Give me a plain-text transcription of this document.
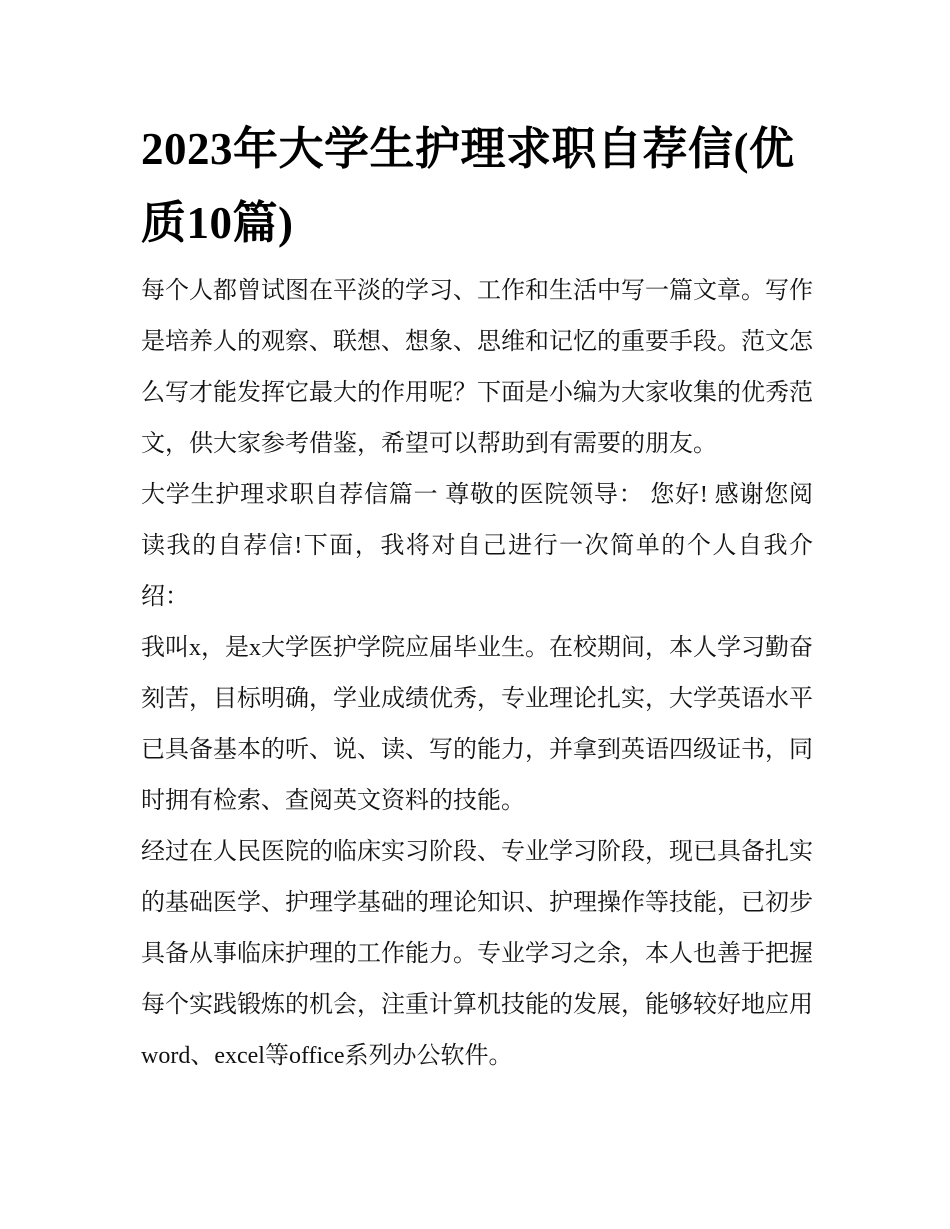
2023年大学生护理求职自荐信(优质10篇)

每个人都曾试图在平淡的学习、工作和生活中写一篇文章。写作是培养人的观察、联想、想象、思维和记忆的重要手段。范文怎么写才能发挥它最大的作用呢？下面是小编为大家收集的优秀范文，供大家参考借鉴，希望可以帮助到有需要的朋友。

大学生护理求职自荐信篇一 尊敬的医院领导： 您好! 感谢您阅读我的自荐信!下面，我将对自己进行一次简单的个人自我介绍：

我叫x，是x大学医护学院应届毕业生。在校期间，本人学习勤奋刻苦，目标明确，学业成绩优秀，专业理论扎实，大学英语水平已具备基本的听、说、读、写的能力，并拿到英语四级证书，同时拥有检索、查阅英文资料的技能。

经过在人民医院的临床实习阶段、专业学习阶段，现已具备扎实的基础医学、护理学基础的理论知识、护理操作等技能，已初步具备从事临床护理的工作能力。专业学习之余，本人也善于把握每个实践锻炼的机会，注重计算机技能的发展，能够较好地应用word、excel等office系列办公软件。
